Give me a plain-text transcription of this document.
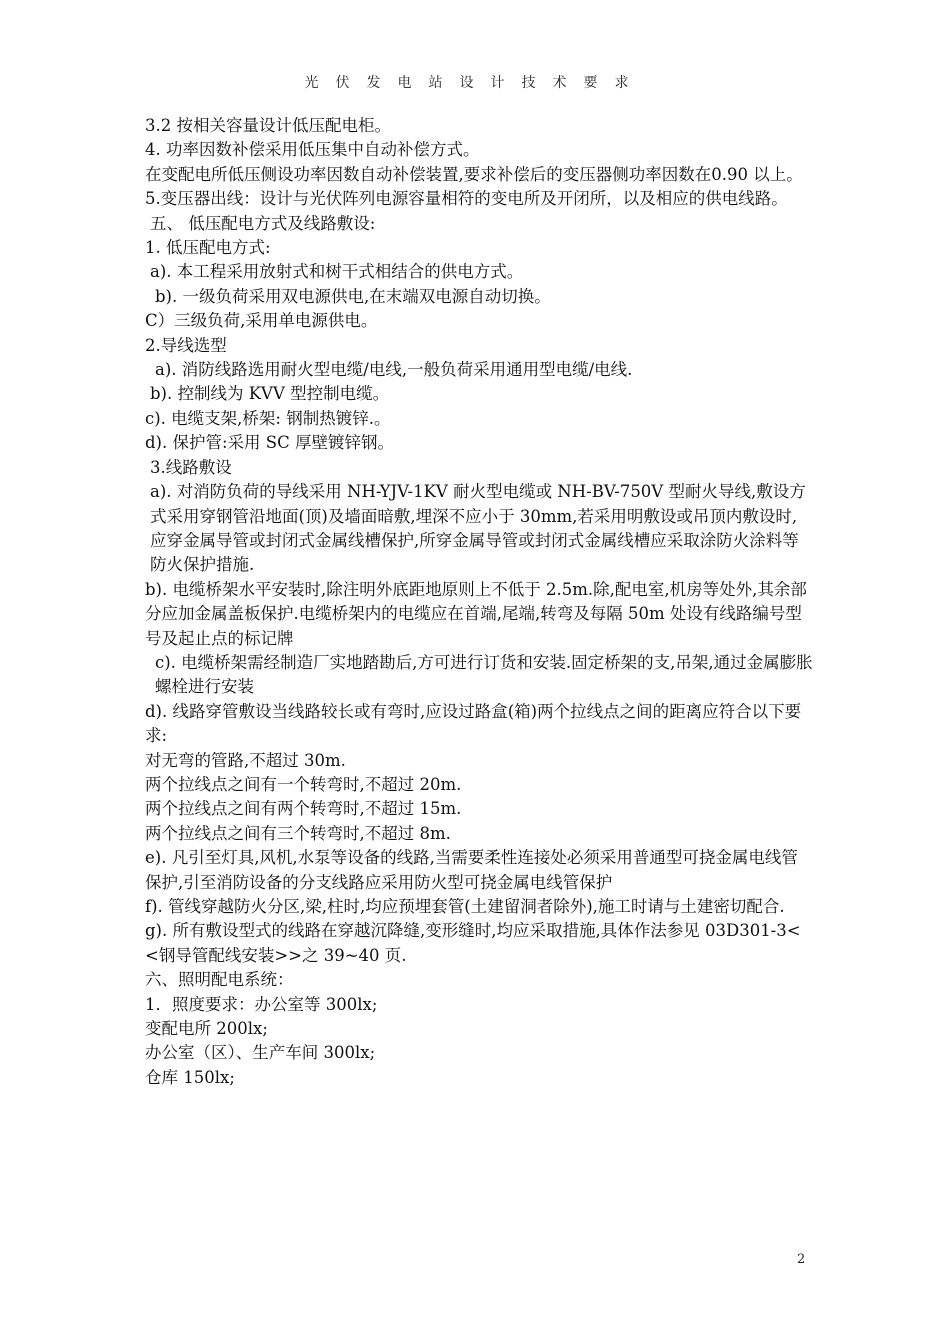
光伏发电站设计技术要求
3.2 按相关容量设计低压配电柜。
4. 功率因数补偿采用低压集中自动补偿方式。
在变配电所低压侧设功率因数自动补偿装置,要求补偿后的变压器侧功率因数在0.90 以上。
5.变压器出线：设计与光伏阵列电源容量相符的变电所及开闭所，以及相应的供电线路。
五、 低压配电方式及线路敷设:
1. 低压配电方式:
a). 本工程采用放射式和树干式相结合的供电方式。
b). 一级负荷采用双电源供电,在末端双电源自动切换。
C）三级负荷,采用单电源供电。
2.导线选型
a). 消防线路选用耐火型电缆/电线,一般负荷采用通用型电缆/电线.
b). 控制线为 KVV 型控制电缆。
c). 电缆支架,桥架: 钢制热镀锌.。
d). 保护管:采用 SC 厚壁镀锌钢。
3.线路敷设
a). 对消防负荷的导线采用 NH-YJV-1KV 耐火型电缆或 NH-BV-750V 型耐火导线,敷设方式采用穿钢管沿地面(顶)及墙面暗敷,埋深不应小于 30mm,若采用明敷设或吊顶内敷设时,应穿金属导管或封闭式金属线槽保护,所穿金属导管或封闭式金属线槽应采取涂防火涂料等防火保护措施.
b). 电缆桥架水平安装时,除注明外底距地原则上不低于 2.5m.除,配电室,机房等处外,其余部分应加金属盖板保护.电缆桥架内的电缆应在首端,尾端,转弯及每隔 50m 处设有线路编号型号及起止点的标记牌
c). 电缆桥架需经制造厂实地踏勘后,方可进行订货和安装.固定桥架的支,吊架,通过金属膨胀螺栓进行安装
d). 线路穿管敷设当线路较长或有弯时,应设过路盒(箱)两个拉线点之间的距离应符合以下要
求:
对无弯的管路,不超过 30m.
两个拉线点之间有一个转弯时,不超过 20m.
两个拉线点之间有两个转弯时,不超过 15m.
两个拉线点之间有三个转弯时,不超过 8m.
e). 凡引至灯具,风机,水泵等设备的线路,当需要柔性连接处必须采用普通型可挠金属电线管保护,引至消防设备的分支线路应采用防火型可挠金属电线管保护
f). 管线穿越防火分区,梁,柱时,均应预埋套管(土建留洞者除外),施工时请与土建密切配合.
g). 所有敷设型式的线路在穿越沉降缝,变形缝时,均应采取措施,具体作法参见 03D301-3<<钢导管配线安装>>之 39~40 页.
六、照明配电系统：
1．照度要求：办公室等 300lx;
变配电所 200lx;
办公室（区）、生产车间 300lx;
仓库 150lx;
2
